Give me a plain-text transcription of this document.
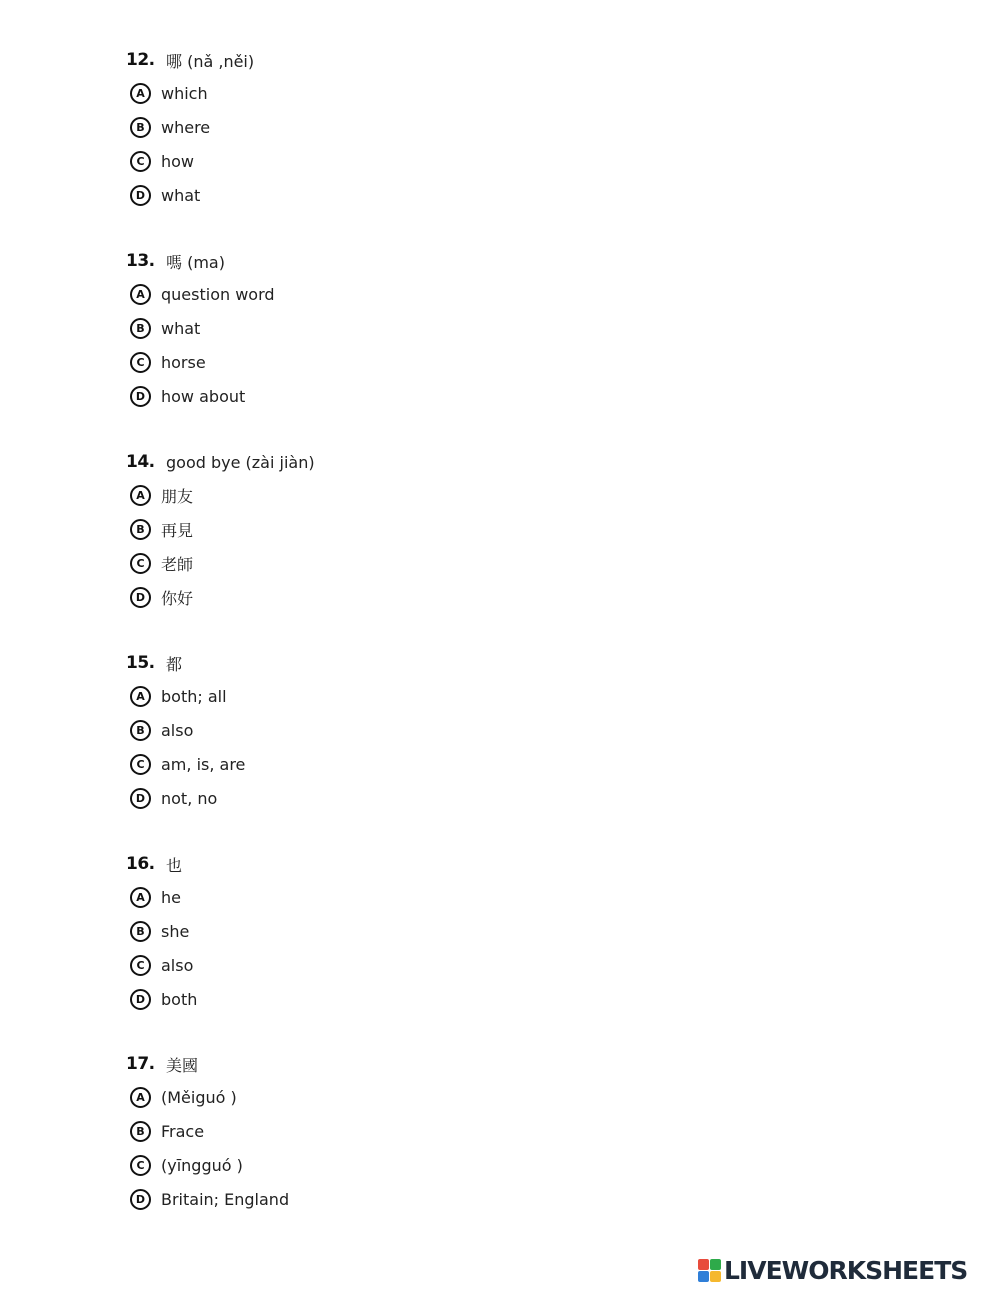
12. 哪 (nǎ ,něi)
A	which
B	where
C	how
D what
13. 嗎 (ma)
A	question word
B	what
C	horse
D how about
14. good bye (zài jiàn)
A	朋友
B	再見
C	老師
D 你好
15. 都
A	both; all
B	also
C	am, is, are
D not, no
16. 也
A	he
B	she
C	also
D both
17. 美國
A	(Měiguó )
B	Frace
C	(yīngguó )
D Britain; England
LIVEWORKSHEETS
